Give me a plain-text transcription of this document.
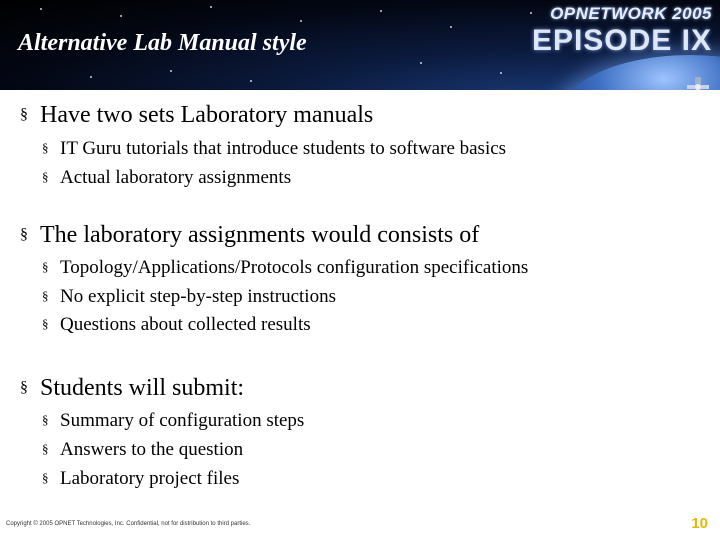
Alternative Lab Manual style
OPNETWORK 2005
EPISODE IX
§ Have two sets Laboratory manuals
§ IT Guru tutorials that introduce students to software basics
§ Actual laboratory assignments
§ The laboratory assignments would consists of
§ Topology/Applications/Protocols configuration specifications
§ No explicit step-by-step instructions
§ Questions about collected results
§ Students will submit:
§ Summary of configuration steps
§ Answers to the question
§ Laboratory project files
Copyright © 2005 OPNET Technologies, Inc. Confidential, not for distribution to third parties.	10
